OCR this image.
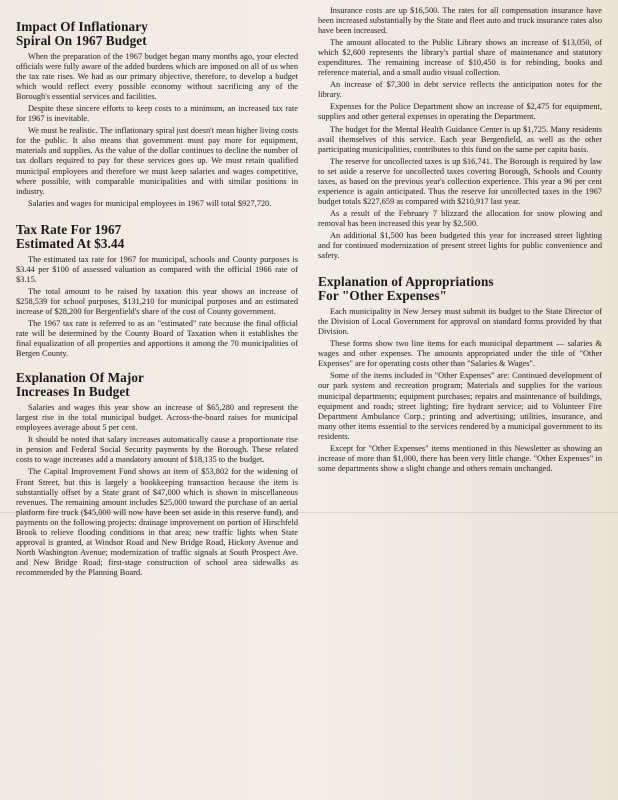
Impact Of Inflationary
Spiral On 1967 Budget

When the preparation of the 1967 budget began many months ago, your elected officials were fully aware of the added burdens which are imposed on all of us when the tax rate rises. We had as our primary objective, therefore, to develop a budget which would reflect every possible economy without sacrificing any of the Borough's essential services and facilities.

Despite these sincere efforts to keep costs to a minimum, an increased tax rate for 1967 is inevitable.

We must be realistic. The inflationary spiral just doesn't mean higher living costs for the public. It also means that government must pay more for equipment, materials and supplies. As the value of the dollar continues to decline the number of tax dollars required to pay for these services goes up. We must retain qualified municipal employees and therefore we must keep salaries and wages competitive, where possible, with comparable municipalities and with similar positions in industry.

Salaries and wages for municipal employees in 1967 will total $927,720.

Tax Rate For 1967
Estimated At $3.44

The estimated tax rate for 1967 for municipal, schools and County purposes is $3.44 per $100 of assessed valuation as compared with the official 1966 rate of $3.15.

The total amount to be raised by taxation this year shows an increase of $258,539 for school purposes, $131,210 for municipal purposes and an estimated increase of $28,200 for Bergenfield's share of the cost of County government.

The 1967 tax rate is referred to as an "estimated" rate because the final official rate will be determined by the County Board of Taxation when it establishes the final equalization of all properties and apportions it among the 70 municipalities of Bergen County.

Explanation Of Major
Increases In Budget

Salaries and wages this year show an increase of $65,280 and represent the largest rise in the total municipal budget. Across-the-board raises for municipal employees average about 5 per cent.

It should be noted that salary increases automatically cause a proportionate rise in pension and Federal Social Security payments by the Borough. These related costs to wage increases add a mandatory amount of $18,135 to the budget.

The Capital Improvement Fund shows an item of $53,802 for the widening of Front Street, but this is largely a bookkeeping transaction because the item is substantially offset by a State grant of $47,000 which is shown in miscellaneous revenues. The remaining amount includes $25,000 toward the purchase of an aerial platform fire truck ($45,000 will now have been set aside in this reserve fund), and payments on the following projects: drainage improvement on portion of Hirschfeld Brook to relieve flooding conditions in that area; new traffic lights when State approval is granted, at Windsor Road and New Bridge Road, Hickory Avenue and North Washington Avenue; modernization of traffic signals at South Prospect Ave. and New Bridge Road; first-stage construction of school area sidewalks as recommended by the Planning Board.

Insurance costs are up $16,500. The rates for all compensation insurance have been increased substantially by the State and fleet auto and truck insurance rates also have been increased.

The amount allocated to the Public Library shows an increase of $13,050, of which $2,600 represents the library's partial share of maintenance and statutory expenditures. The remaining increase of $10,450 is for rebinding, books and reference material, and a small audio visual collection.

An increase of $7,300 in debt service reflects the anticipation notes for the library.

Expenses for the Police Department show an increase of $2,475 for equipment, supplies and other general expenses in operating the Department.

The budget for the Mental Health Guidance Center is up $1,725. Many residents avail themselves of this service. Each year Bergenfield, as well as the other participating municipalities, contributes to this fund on the same per capita basis.

The reserve for uncollected taxes is up $16,741. The Borough is required by law to set aside a reserve for uncollected taxes covering Borough, Schools and County taxes, as based on the previous year's collection experience. This year a 96 per cent experience is again anticipated. Thus the reserve for uncollected taxes in the 1967 budget totals $227,659 as compared with $210,917 last year.

As a result of the February 7 blizzard the allocation for snow plowing and removal has been increased this year by $2,500.

An additional $1,500 has been budgeted this year for increased street lighting and for continued modernization of present street lights for public convenience and safety.

Explanation of Appropriations
For "Other Expenses"

Each municipality in New Jersey must submit its budget to the State Director of the Division of Local Government for approval on standard forms provided by that Division.

These forms show two line items for each municipal department — salaries & wages and other expenses. The amounts appropriated under the title of "Other Expenses" are for operating costs other than "Salaries & Wages".

Some of the items included in "Other Expenses" are: Continued development of our park system and recreation program; Materials and supplies for the various municipal departments; equipment purchases; repairs and maintenance of buildings, equipment and roads; street lighting; fire hydrant service; aid to Volunteer Fire Department Ambulance Corp.; printing and advertising; utilities, insurance, and many other items essential to the services rendered by a municipal government to its residents.

Except for "Other Expenses" items mentioned in this Newsletter as showing an increase of more than $1,000, there has been very little change. "Other Expenses" in some departments show a slight change and others remain unchanged.
